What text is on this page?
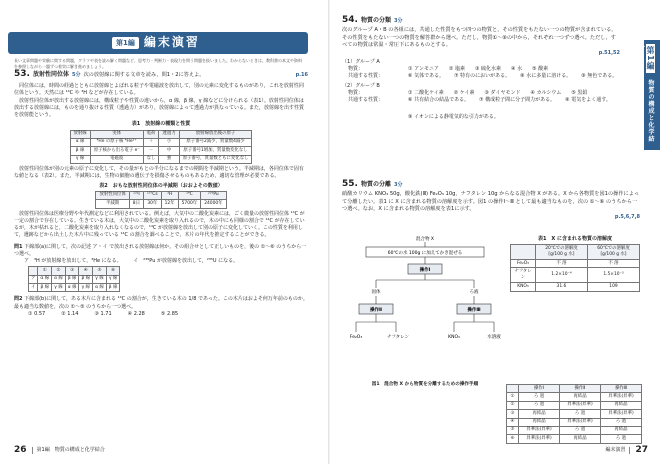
第1編 編末演習
長い文章問題や実験に関する問題，グラフや表を読み解く問題など，思考力・判断力・表現力を問う問題を扱いました。わからないときは，教科書の本文や資料を参照しながら一題ずつ着実に解き進めましょう。
53. 放射性同位体 5分 次の放射線に関する文章を読み，問1・2に答えよ。	p.16

同位体には，時間の経過とともに放射線とよばれる粒子や電磁波を放出して，別の元素に変化するものがあり，これを放射性同位体という。天然には ¹⁴C や ³H などが存在している。

放射性同位体が放出する放射線には，構成粒子や性質の違いから，α 線，β 線，γ 線などに分けられる（表1）。放射性同位体は放出する放射線には，ものを通り抜ける性質（透過力）があり，放射線によって透過力が異なっている。また，放射線を出す性質を放射能という。

表1　放射線の種類と性質
放射線	実体	電荷	透過力	放射線放出後の原子
α 線	⁴He の原子核 ⁴He²⁺	＋	小	原子番号2減少，質量数4減少
β 線	原子核から出る電子 e⁻	－	中	原子番号1増加，質量数変化なし
γ 線	電磁波	なし	強	原子番号，質量数ともに変化なし

放射性同位体が別の元素の原子に変化して，その量がもとの半分になるまでの期間を半減期という。半減期は，各同位体で固有な値となる（表2）。また，半減期には，生物の細胞の遺伝子を損傷させるものもあるため，適切な管理が必要である。

表2　おもな放射性同位体の半減期（おおよその数値）
放射性同位体	¹³¹I	¹³⁷Cs	³H	¹⁴C	²³⁹Pu
半減期	8日	30年	12年	5700年	24000年

放射性同位体は医療分野や年代測定などに利用されている。例えば，大気中の二酸化炭素には，ごく微量の放射性同位体 ¹⁴C が一定の割合で存在している。生きている木は，大気中の二酸化炭素を取り入れるので，木の中にも同様の割合で ¹⁴C が存在しているが，木が枯れると，二酸化炭素を取り入れなくなるので，¹⁴C が放射線を放出して別の原子に変化していく。この性質を利用して，遺跡などから出土した木片中に残っている ¹⁴C の割合を調べることで，木片の年代を推定することができる。

問1 下線部(a)に関して，次の記述 ア・イ で放出される放射線は何か。その組合せとして正しいものを，後の ①～⑥ のうちから一つ選べ。
ア　³H が放射線を放出して，³He になる。 イ　²³⁹Pu が放射線を放出して，²³⁵U になる。
	①	②	③	④	⑤	⑥
ア	α 線	α 線	β 線	β 線	γ 線	γ 線
イ	β 線	γ 線	α 線	γ 線	α 線	β 線
問2 下線部(b)に関して，ある木片に含まれる ¹⁴C の割合が，生きている木の 1/8 であった。この木片はおよそ何万年前のものか。最も適当な数値を，次の ①～⑤ のうちから一つ選べ。
① 0.57	② 1.14	③ 1.71	④ 2.28	⑤ 2.85
26	第1編　物質の構成と化学結合
第1編 物質の構成と化学結合
54. 物質の分類 3分

次のグループ A・B の各組には，共通した性質をもつ四つの物質と，その性質をもたない一つの物質が含まれている。その性質をもたない一つの物質を解答群から選べ。ただし，物質①～⑨の中から，それぞれ一つずつ選べ。ただし，すべての物質は常温・常圧下にあるものとする。

p.51,52
（1）グループ A
物質：	① アンモニア ② 塩素 ③ 硫化水素 ④ 水 ⑤ 酸素
共通する性質：	⑥ 気体である。 ⑦ 特有のにおいがある。 ⑧ 水に多量に溶ける。 ⑨ 無色である。
（2）グループ B
物質：	① 二酸化ケイ素 ② ケイ素 ③ ダイヤモンド ④ カルシウム ⑤ 黒鉛
共通する性質：	⑥ 共有結合の結晶である。 ⑦ 構成粒子間に分子間力がある。 ⑧ 電気をよく通す。
⑨ イオンによる静電気的な引力がある。
55. 物質の分離 3分

硝酸カリウム KNO₃ 50g，酸化鉄(Ⅲ) Fe₂O₃ 10g，ナフタレン 10g からなる混合物 X がある。X から各物質を図1の操作によって分離したい。表1 に X に含まれる物質の溶解度を示す。図1 の操作Ⅰ～Ⅲ として最も適当なものを，次の ①～⑥ のうちから一つ選べ。なお，X に含まれる物質の溶解度を表1に示す。

p.5,6,7,8
混合物 X
60℃の水 100g に加えてかき混ぜる
操作Ⅰ
固体	ろ液
操作Ⅱ	操作Ⅲ
Fe₂O₃	ナフタレン	KNO₃	水溶液
図1　混合物 X から物質を分離するための操作手順
表1　X に含まれる物質の溶解度
	20℃での溶解度 [g/100 g 水]	60℃での溶解度 [g/100 g 水]
Fe₂O₃	不 溶	不 溶
ナフタレン	1.2×10⁻⁴	1.5×10⁻³
KNO₃	31.6	109
	操作Ⅰ	操作Ⅱ	操作Ⅲ
①	ろ 過	再結晶	昇華法(昇華)
②	ろ 過	昇華法(昇華)	再結晶
③	再結晶	ろ 過	昇華法(昇華)
④	再結晶	昇華法(昇華)	ろ 過
⑤	昇華法(昇華)	ろ 過	再結晶
⑥	昇華法(昇華)	再結晶	ろ 過
編末演習	27
